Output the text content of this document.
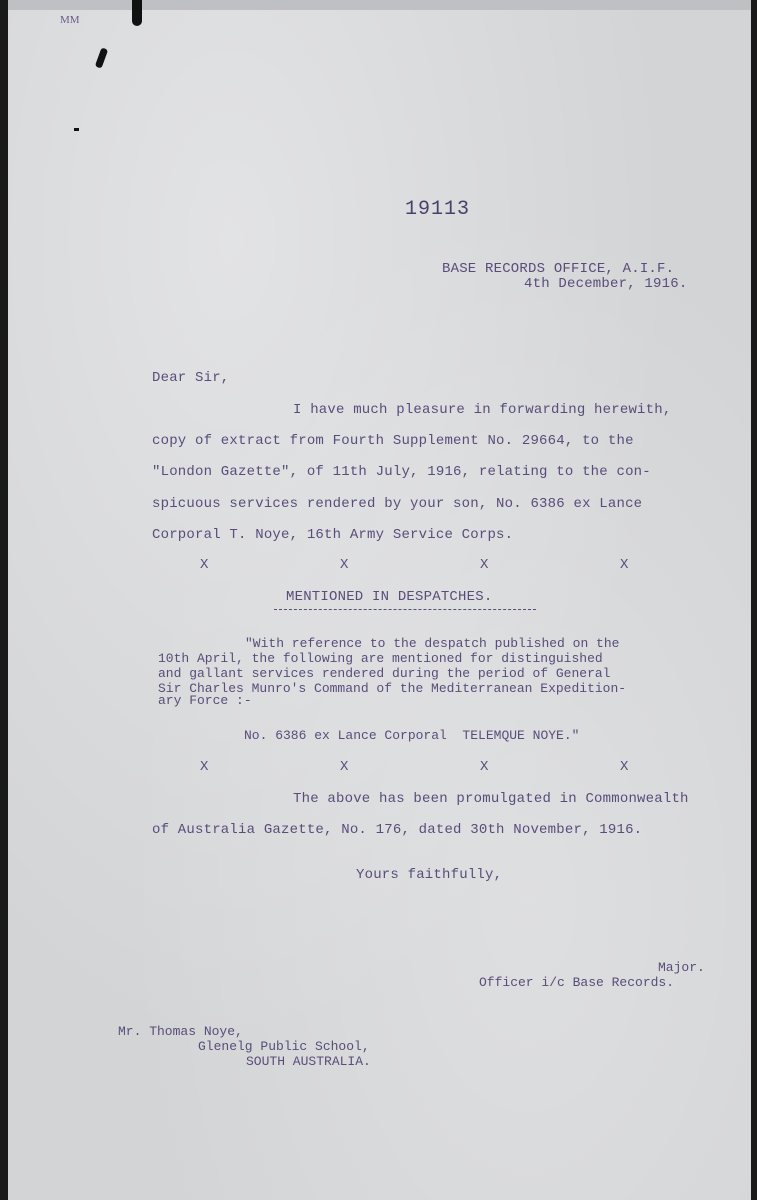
MM
19113
BASE RECORDS OFFICE, A.I.F.
4th December, 1916.
Dear Sir,
I have much pleasure in forwarding herewith,
copy of extract from Fourth Supplement No. 29664, to the
"London Gazette", of 11th July, 1916, relating to the con-
spicuous services rendered by your son, No. 6386 ex Lance
Corporal T. Noye, 16th Army Service Corps.
X	X	X	X
MENTIONED IN DESPATCHES.
"With reference to the despatch published on the
10th April, the following are mentioned for distinguished
and gallant services rendered during the period of General
Sir Charles Munro's Command of the Mediterranean Expedition-
ary Force :-
No. 6386 ex Lance Corporal  TELEMQUE NOYE."
X	X	X	X
The above has been promulgated in Commonwealth
of Australia Gazette, No. 176, dated 30th November, 1916.
Yours faithfully,
Major.
Officer i/c Base Records.
Mr. Thomas Noye,
Glenelg Public School,
SOUTH AUSTRALIA.
